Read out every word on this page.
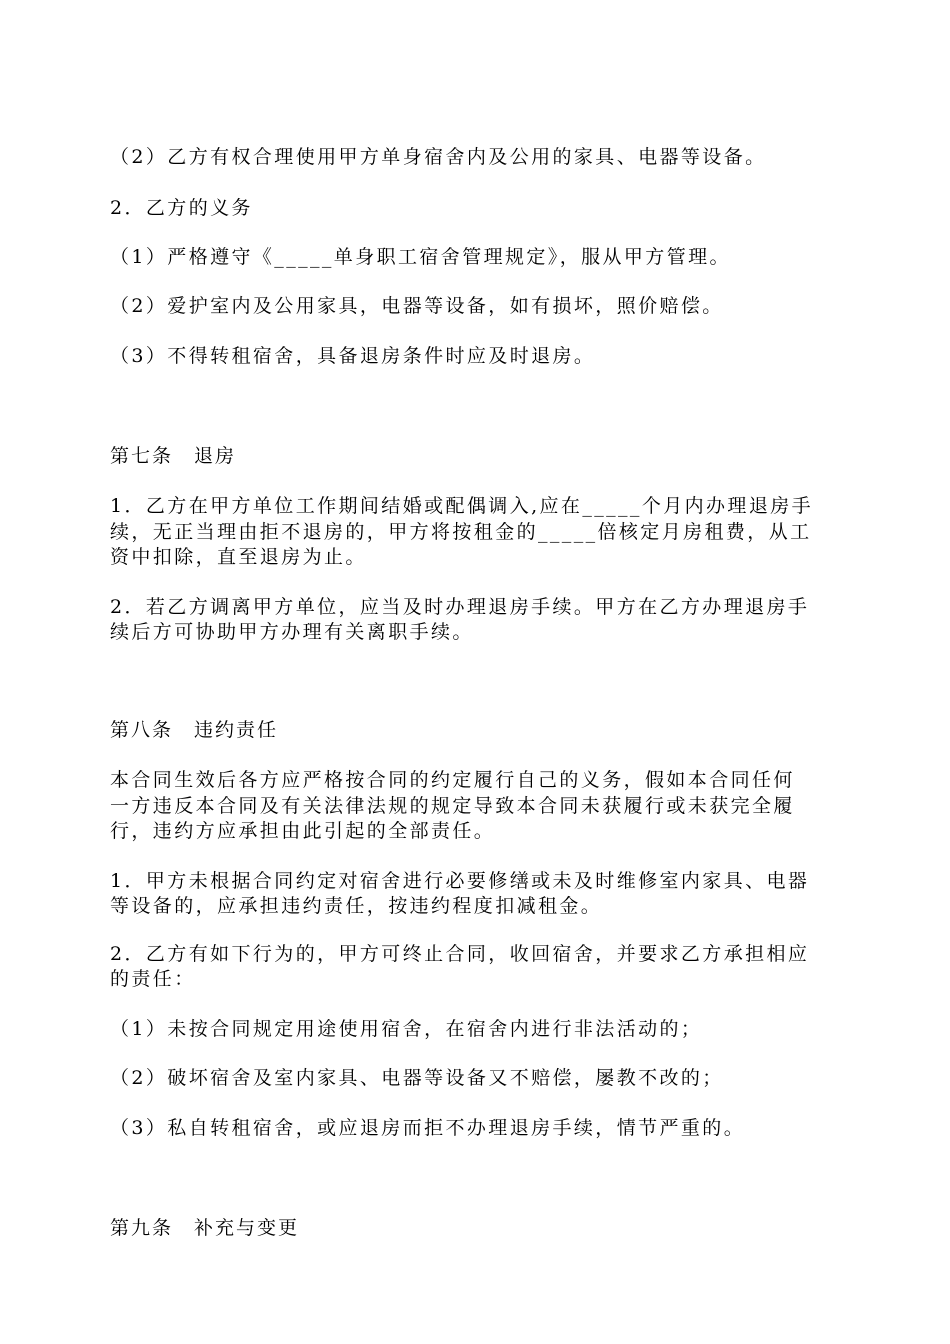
（2）乙方有权合理使用甲方单身宿舍内及公用的家具、电器等设备。
2．乙方的义务
（1）严格遵守《_____单身职工宿舍管理规定》，服从甲方管理。
（2）爱护室内及公用家具，电器等设备，如有损坏，照价赔偿。
（3）不得转租宿舍，具备退房条件时应及时退房。
第七条　退房
1．乙方在甲方单位工作期间结婚或配偶调入,应在_____个月内办理退房手
续，无正当理由拒不退房的，甲方将按租金的_____倍核定月房租费，从工
资中扣除，直至退房为止。
2．若乙方调离甲方单位，应当及时办理退房手续。甲方在乙方办理退房手
续后方可协助甲方办理有关离职手续。
第八条　违约责任
本合同生效后各方应严格按合同的约定履行自己的义务，假如本合同任何
一方违反本合同及有关法律法规的规定导致本合同未获履行或未获完全履
行，违约方应承担由此引起的全部责任。
1．甲方未根据合同约定对宿舍进行必要修缮或未及时维修室内家具、电器
等设备的，应承担违约责任，按违约程度扣减租金。
2．乙方有如下行为的，甲方可终止合同，收回宿舍，并要求乙方承担相应
的责任：
（1）未按合同规定用途使用宿舍，在宿舍内进行非法活动的；
（2）破坏宿舍及室内家具、电器等设备又不赔偿，屡教不改的；
（3）私自转租宿舍，或应退房而拒不办理退房手续，情节严重的。
第九条　补充与变更
